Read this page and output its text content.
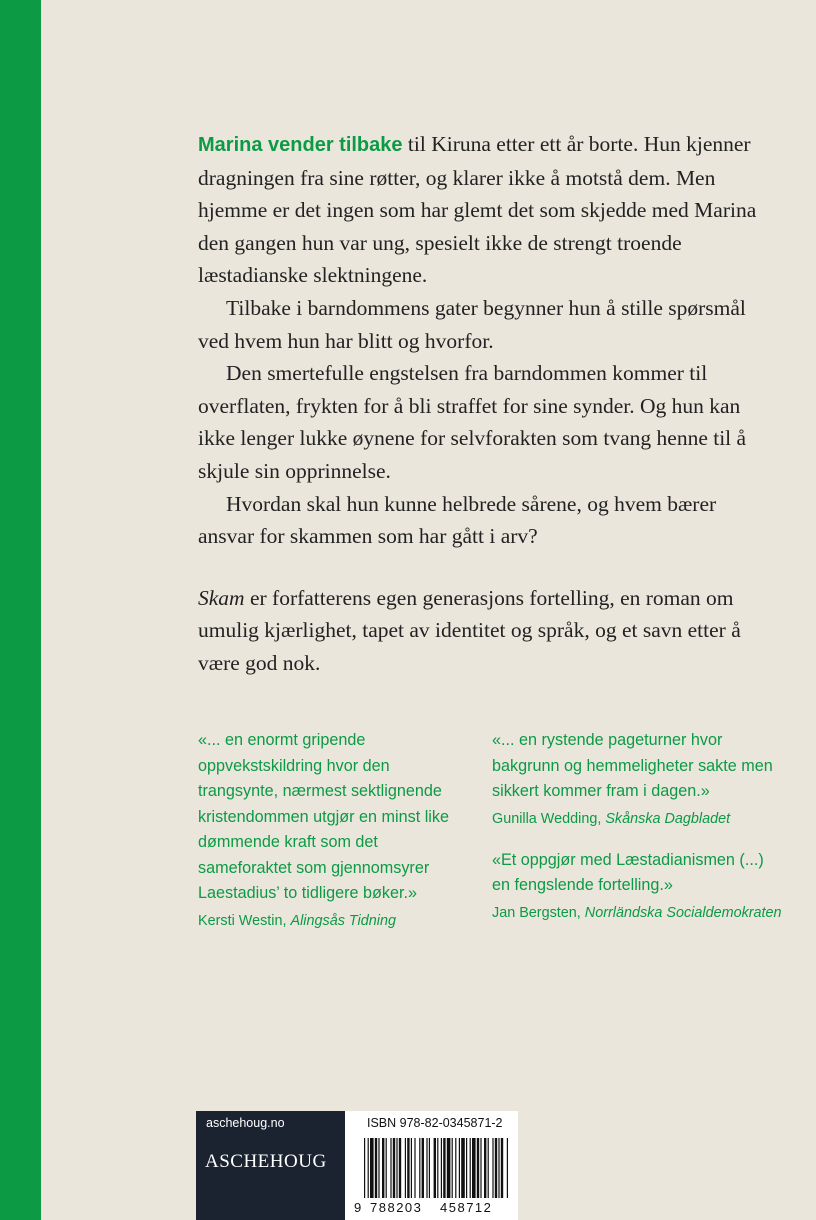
Marina vender tilbake til Kiruna etter ett år borte. Hun kjenner dragningen fra sine røtter, og klarer ikke å motstå dem. Men hjemme er det ingen som har glemt det som skjedde med Marina den gangen hun var ung, spesielt ikke de strengt troende læstadianske slektningene.

Tilbake i barndommens gater begynner hun å stille spørsmål ved hvem hun har blitt og hvorfor.

Den smertefulle engstelsen fra barndommen kommer til overflaten, frykten for å bli straffet for sine synder. Og hun kan ikke lenger lukke øynene for selvforakten som tvang henne til å skjule sin opprinnelse.

Hvordan skal hun kunne helbrede sårene, og hvem bærer ansvar for skammen som har gått i arv?

Skam er forfatterens egen generasjons fortelling, en roman om umulig kjærlighet, tapet av identitet og språk, og et savn etter å være god nok.

«... en enormt gripende oppvekstskildring hvor den trangsynte, nærmest sektlignende kristendommen utgjør en minst like dømmende kraft som det sameforaktet som gjennomsyrer Laestadius’ to tidligere bøker.»
Kersti Westin, Alingsås Tidning
«... en rystende pageturner hvor bakgrunn og hemmeligheter sakte men sikkert kommer fram i dagen.»
Gunilla Wedding, Skånska Dagbladet
«Et oppgjør med Læstadianismen (...) en fengslende fortelling.»
Jan Bergsten, Norrländska Socialdemokraten
aschehoug.no
ASCHEHOUG
ISBN 978-82-0345871-2
9 788203 458712
